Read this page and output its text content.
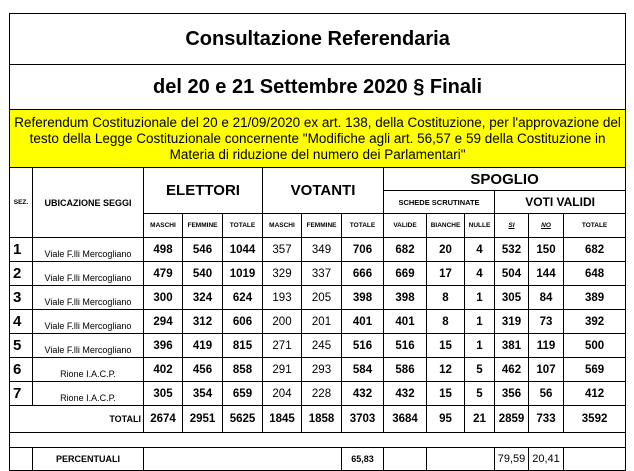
Consultazione Referendaria													
del 20 e 21 Settembre 2020 § Finali													
Referendum Costituzionale del 20 e 21/09/2020 ex art. 138, della Costituzione, per l'approvazione del testo della Legge Costituzionale concernente "Modifiche agli art. 56,57 e 59 della Costituzione in Materia di riduzione del numero dei Parlamentari"													
SEZ.	UBICAZIONE SEGGI	ELETTORI			VOTANTI			SPOGLIO					
								SCHEDE SCRUTINATE			VOTI VALIDI		
		MASCHI	FEMMINE	TOTALE	MASCHI	FEMMINE	TOTALE	VALIDE	BIANCHE	NULLE	SI	NO	TOTALE
1	Viale F.lli Mercogliano	498	546	1044	357	349	706	682	20	4	532	150	682
2	Viale F.lli Mercogliano	479	540	1019	329	337	666	669	17	4	504	144	648
3	Viale F.lli Mercogliano	300	324	624	193	205	398	398	8	1	305	84	389
4	Viale F.lli Mercogliano	294	312	606	200	201	401	401	8	1	319	73	392
5	Viale F.lli Mercogliano	396	419	815	271	245	516	516	15	1	381	119	500
6	Rione I.A.C.P.	402	456	858	291	293	584	586	12	5	462	107	569
7	Rione I.A.C.P.	305	354	659	204	228	432	432	15	5	356	56	412
	TOTALI	2674	2951	5625	1845	1858	3703	3684	95	21	2859	733	3592

	PERCENTUALI						65,83				79,59	20,41	
